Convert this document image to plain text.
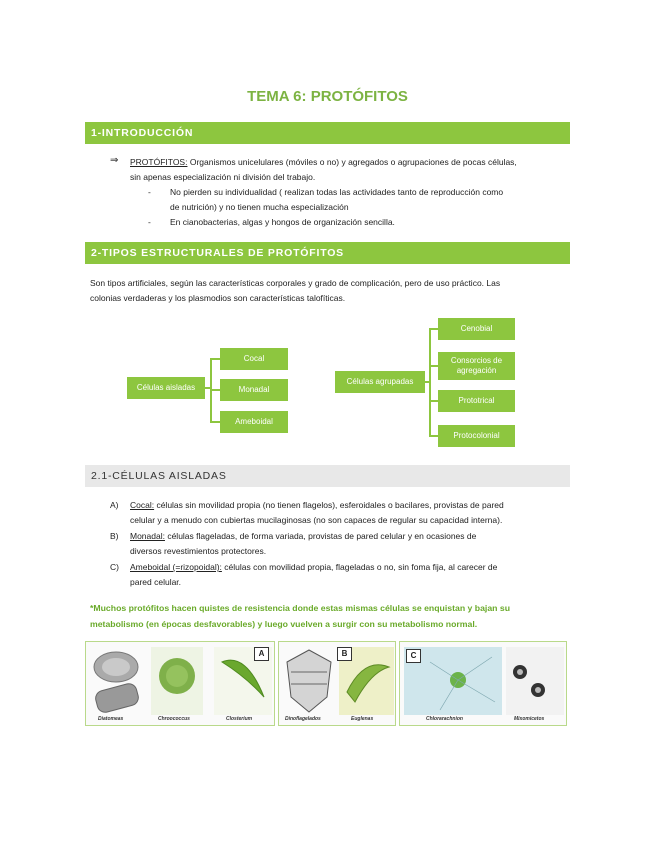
TEMA 6: PROTÓFITOS
1-INTRODUCCIÓN
⇒ PROTÓFITOS: Organismos unicelulares (móviles o no) y agregados o agrupaciones de pocas células,
sin apenas especialización ni división del trabajo.
- No pierden su individualidad ( realizan todas las actividades tanto de reproducción como
de nutrición) y no tienen mucha especialización
- En cianobacterias, algas y hongos de organización sencilla.
2-TIPOS ESTRUCTURALES DE PROTÓFITOS
Son tipos artificiales, según las características corporales y grado de complicación, pero de uso práctico. Las
colonias verdaderas y los plasmodios son características talofíticas.
Células aisladas
Cocal
Monadal
Ameboidal
Células agrupadas
Cenobial
Consorcios de agregación
Prototrical
Protocolonial
2.1-CÉLULAS AISLADAS
A) Cocal: células sin movilidad propia (no tienen flagelos), esferoidales o bacilares, provistas de pared
celular y a menudo con cubiertas mucilaginosas (no son capaces de regular su capacidad interna).
B) Monadal: células flageladas, de forma variada, provistas de pared celular y en ocasiones de
diversos revestimientos protectores.
C) Ameboidal (=rizopoidal): células con movilidad propia, flageladas o no, sin foma fija, al carecer de
pared celular.
*Muchos protófitos hacen quistes de resistencia donde estas mismas células se enquistan y bajan su
metabolismo (en épocas desfavorables) y luego vuelven a surgir con su metabolismo normal.
A
Diatomeas	Chroococcus	Closterium
B
Dinoflagelados	Euglenas
C
Chlorarachnion	Mixomicetos
